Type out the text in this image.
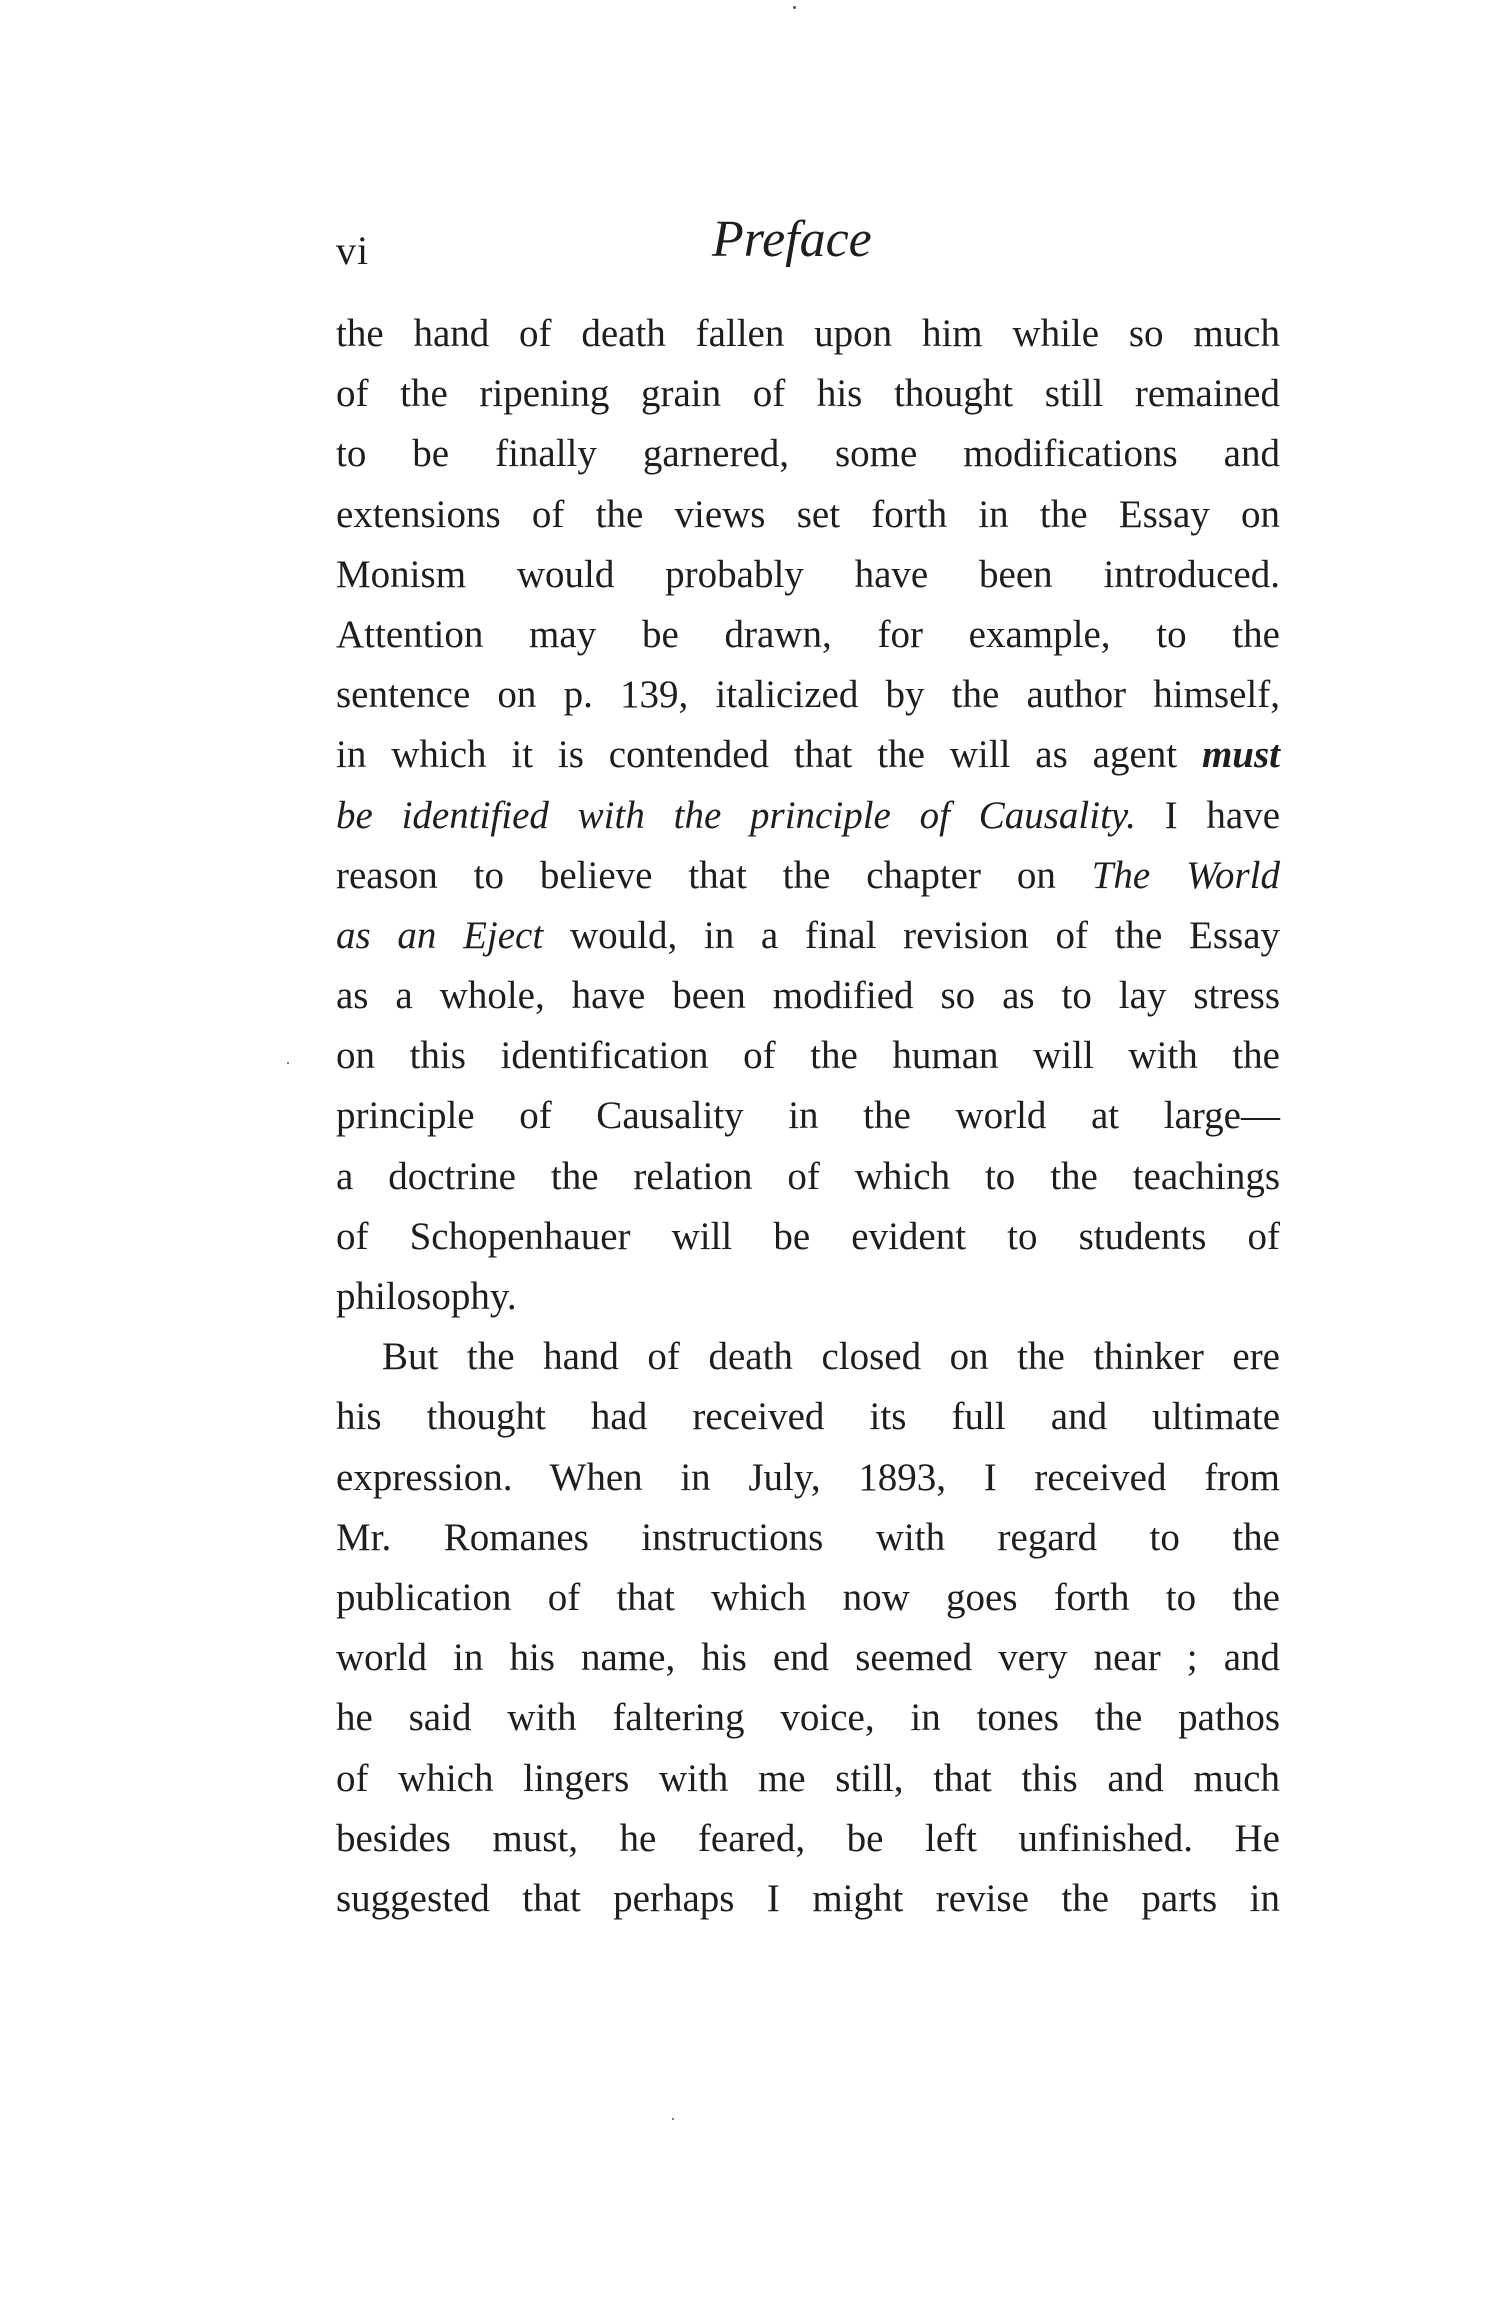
vi	Preface
the hand of death fallen upon him while so much
of the ripening grain of his thought still remained
to be finally garnered, some modifications and
extensions of the views set forth in the Essay on
Monism would probably have been introduced.
Attention may be drawn, for example, to the
sentence on p. 139, italicized by the author himself,
in which it is contended that the will as agent must
be identified with the principle of Causality. I have
reason to believe that the chapter on The World
as an Eject would, in a final revision of the Essay
as a whole, have been modified so as to lay stress
on this identification of the human will with the
principle of Causality in the world at large—
a doctrine the relation of which to the teachings
of Schopenhauer will be evident to students of
philosophy.
But the hand of death closed on the thinker ere
his thought had received its full and ultimate
expression. When in July, 1893, I received from
Mr. Romanes instructions with regard to the
publication of that which now goes forth to the
world in his name, his end seemed very near ; and
he said with faltering voice, in tones the pathos
of which lingers with me still, that this and much
besides must, he feared, be left unfinished. He
suggested that perhaps I might revise the parts in
